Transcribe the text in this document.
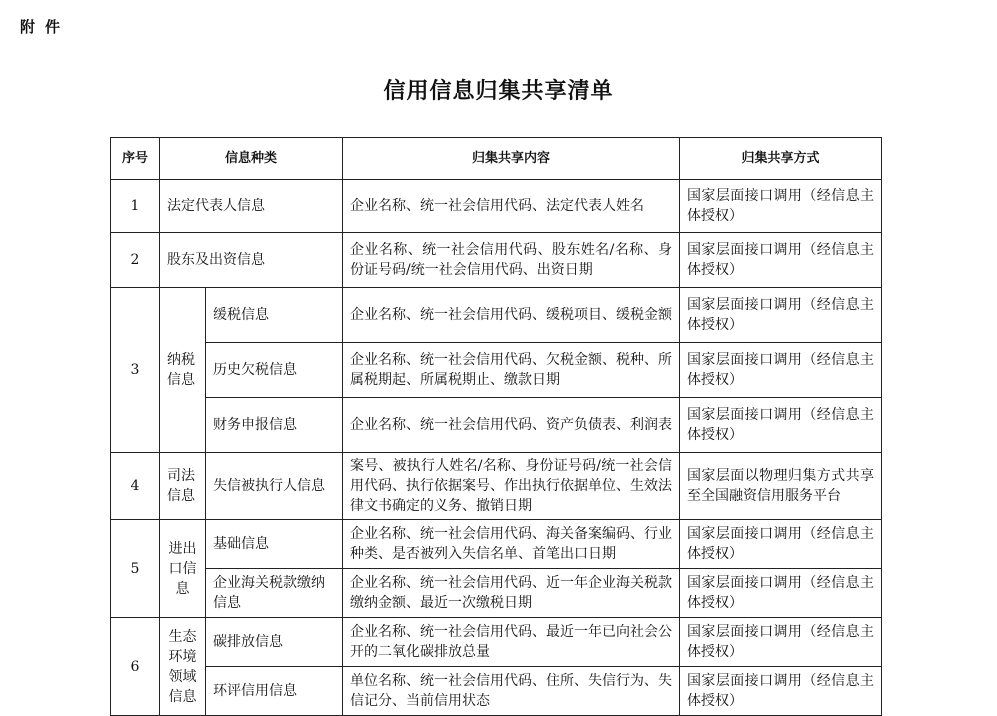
附件
信用信息归集共享清单
序号	信息种类		归集共享内容	归集共享方式
1	法定代表人信息		企业名称、统一社会信用代码、法定代表人姓名	国家层面接口调用（经信息主体授权）
2	股东及出资信息		企业名称、统一社会信用代码、股东姓名/名称、身份证号码/统一社会信用代码、出资日期	国家层面接口调用（经信息主体授权）
3	纳税信息	缓税信息	企业名称、统一社会信用代码、缓税项目、缓税金额	国家层面接口调用（经信息主体授权）
		历史欠税信息	企业名称、统一社会信用代码、欠税金额、税种、所属税期起、所属税期止、缴款日期	国家层面接口调用（经信息主体授权）
		财务申报信息	企业名称、统一社会信用代码、资产负债表、利润表	国家层面接口调用（经信息主体授权）
4	司法信息	失信被执行人信息	案号、被执行人姓名/名称、身份证号码/统一社会信用代码、执行依据案号、作出执行依据单位、生效法律文书确定的义务、撤销日期	国家层面以物理归集方式共享至全国融资信用服务平台
5	进出口信息	基础信息	企业名称、统一社会信用代码、海关备案编码、行业种类、是否被列入失信名单、首笔出口日期	国家层面接口调用（经信息主体授权）
		企业海关税款缴纳信息	企业名称、统一社会信用代码、近一年企业海关税款缴纳金额、最近一次缴税日期	国家层面接口调用（经信息主体授权）
6	生态环境领域信息	碳排放信息	企业名称、统一社会信用代码、最近一年已向社会公开的二氧化碳排放总量	国家层面接口调用（经信息主体授权）
		环评信用信息	单位名称、统一社会信用代码、住所、失信行为、失信记分、当前信用状态	国家层面接口调用（经信息主体授权）
